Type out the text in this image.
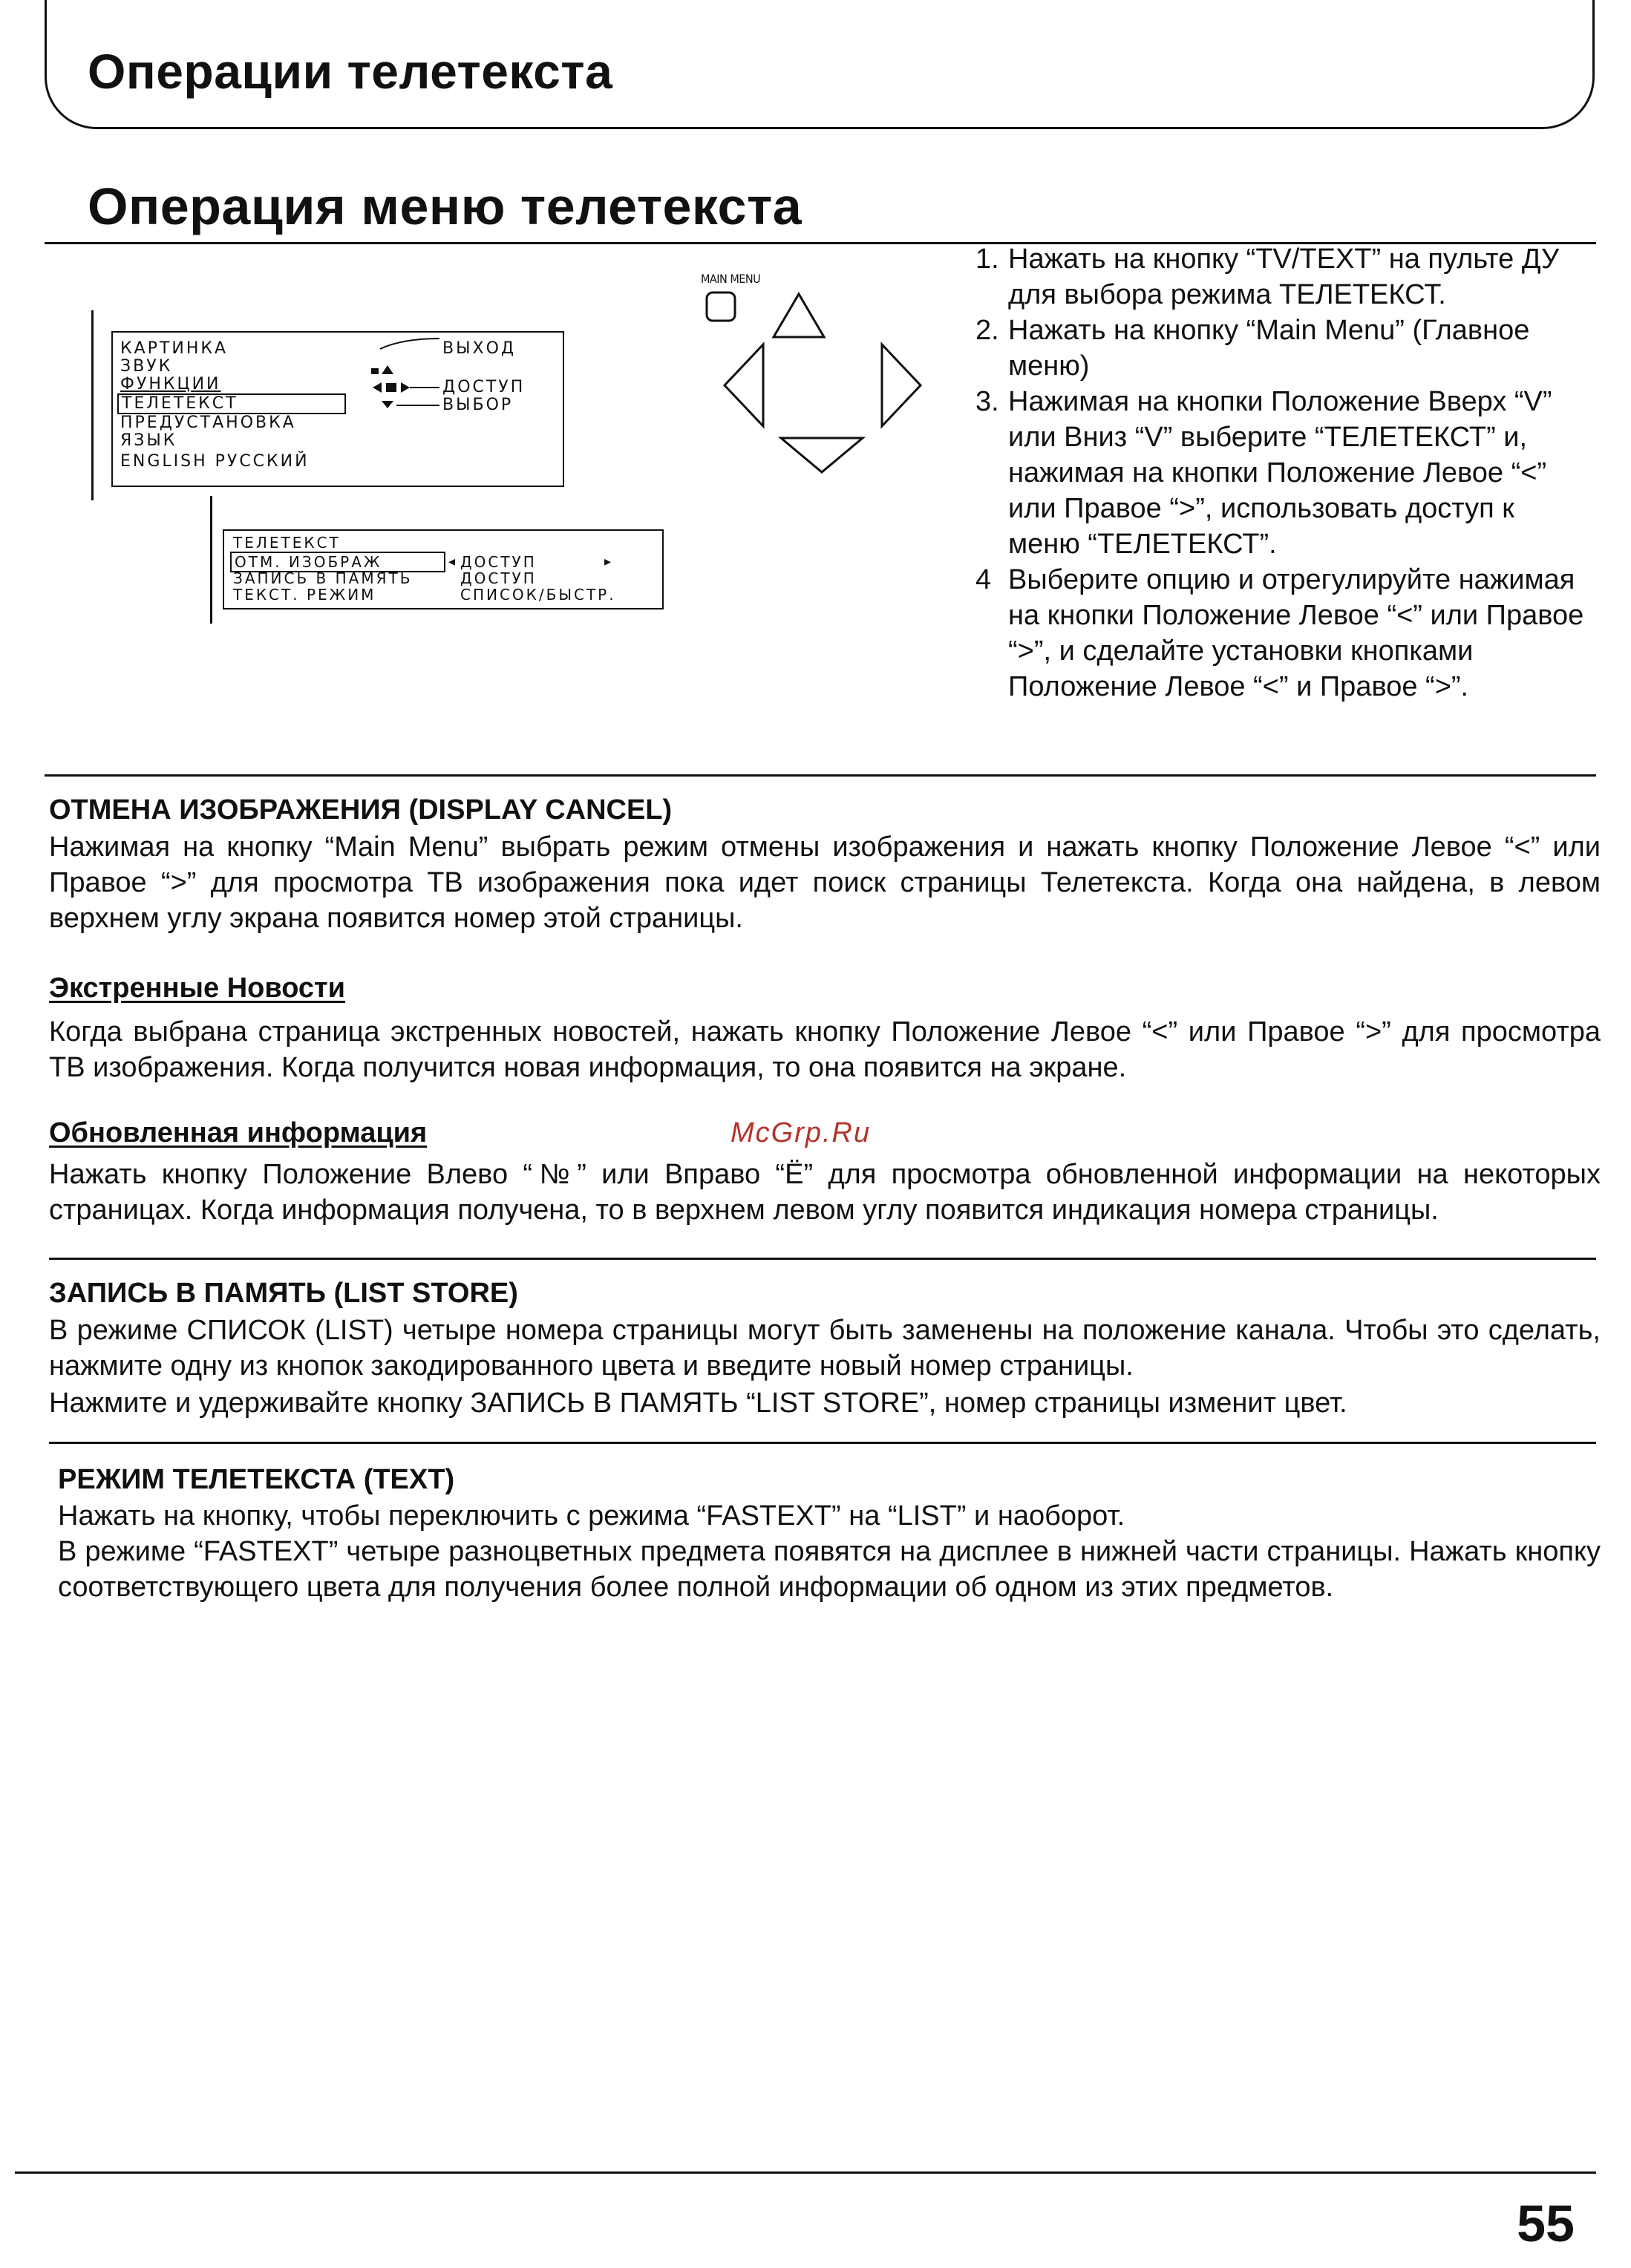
Операции телетекста
Операция меню телетекста
КАРТИНКА
ЗВУК
ФУНКЦИИ
ТЕЛЕТЕКСТ
ПРЕДУСТАНОВКА
ЯЗЫК
ENGLISH РУССКИЙ
ВЫХОД
ДОСТУП
ВЫБОР
ТЕЛЕТЕКСТ
ОТМ. ИЗОБРАЖ	◂ ДОСТУП	▸
ЗАПИСЬ В ПАМЯТЬ	ДОСТУП
ТЕКСТ. РЕЖИМ	СПИСОК/БЫСТР.
MAIN MENU
1. Нажать на кнопку “TV/TEXT” на пульте ДУ для выбора режима ТЕЛЕТЕКСТ.
2. Нажать на кнопку “Main Menu” (Главное меню)
3. Нажимая на кнопки Положение Вверх “V” или Вниз “V” выберите “ТЕЛЕТЕКСТ” и, нажимая на кнопки Положение Левое “<” или Правое “>”, использовать доступ к меню “ТЕЛЕТЕКСТ”.
4 Выберите опцию и отрегулируйте нажимая на кнопки Положение Левое “<” или Правое “>”, и сделайте установки кнопками Положение Левое “<” и Правое “>”.
ОТМЕНА ИЗОБРАЖЕНИЯ (DISPLAY CANCEL)

Нажимая на кнопку “Main Menu” выбрать режим отмены изображения и нажать кнопку Положение Левое “<” или Правое “>” для просмотра ТВ изображения пока идет поиск страницы Телетекста. Когда она найдена, в левом верхнем углу экрана появится номер этой страницы.

Экстренные Новости

Когда выбрана страница экстренных новостей, нажать кнопку Положение Левое “<” или Правое “>” для просмотра ТВ изображения. Когда получится новая информация, то она появится на экране.

Обновленная информация	McGrp.Ru

Нажать кнопку Положение Влево “№” или Вправо “Ё” для просмотра обновленной информации на некоторых страницах. Когда информация получена, то в верхнем левом углу появится индикация номера страницы.

ЗАПИСЬ В ПАМЯТЬ (LIST STORE)

В режиме СПИСОК (LIST) четыре номера страницы могут быть заменены на положение канала. Чтобы это сделать, нажмите одну из кнопок закодированного цвета и введите новый номер страницы.

Нажмите и удерживайте кнопку ЗАПИСЬ В ПАМЯТЬ “LIST STORE”, номер страницы изменит цвет.

РЕЖИМ ТЕЛЕТЕКСТА (TEXT)

Нажать на кнопку, чтобы переключить с режима “FASTEXT” на “LIST” и наоборот.

В режиме “FASTEXT” четыре разноцветных предмета появятся на дисплее в нижней части страницы. Нажать кнопку соответствующего цвета для получения более полной информации об одном из этих предметов.

55
